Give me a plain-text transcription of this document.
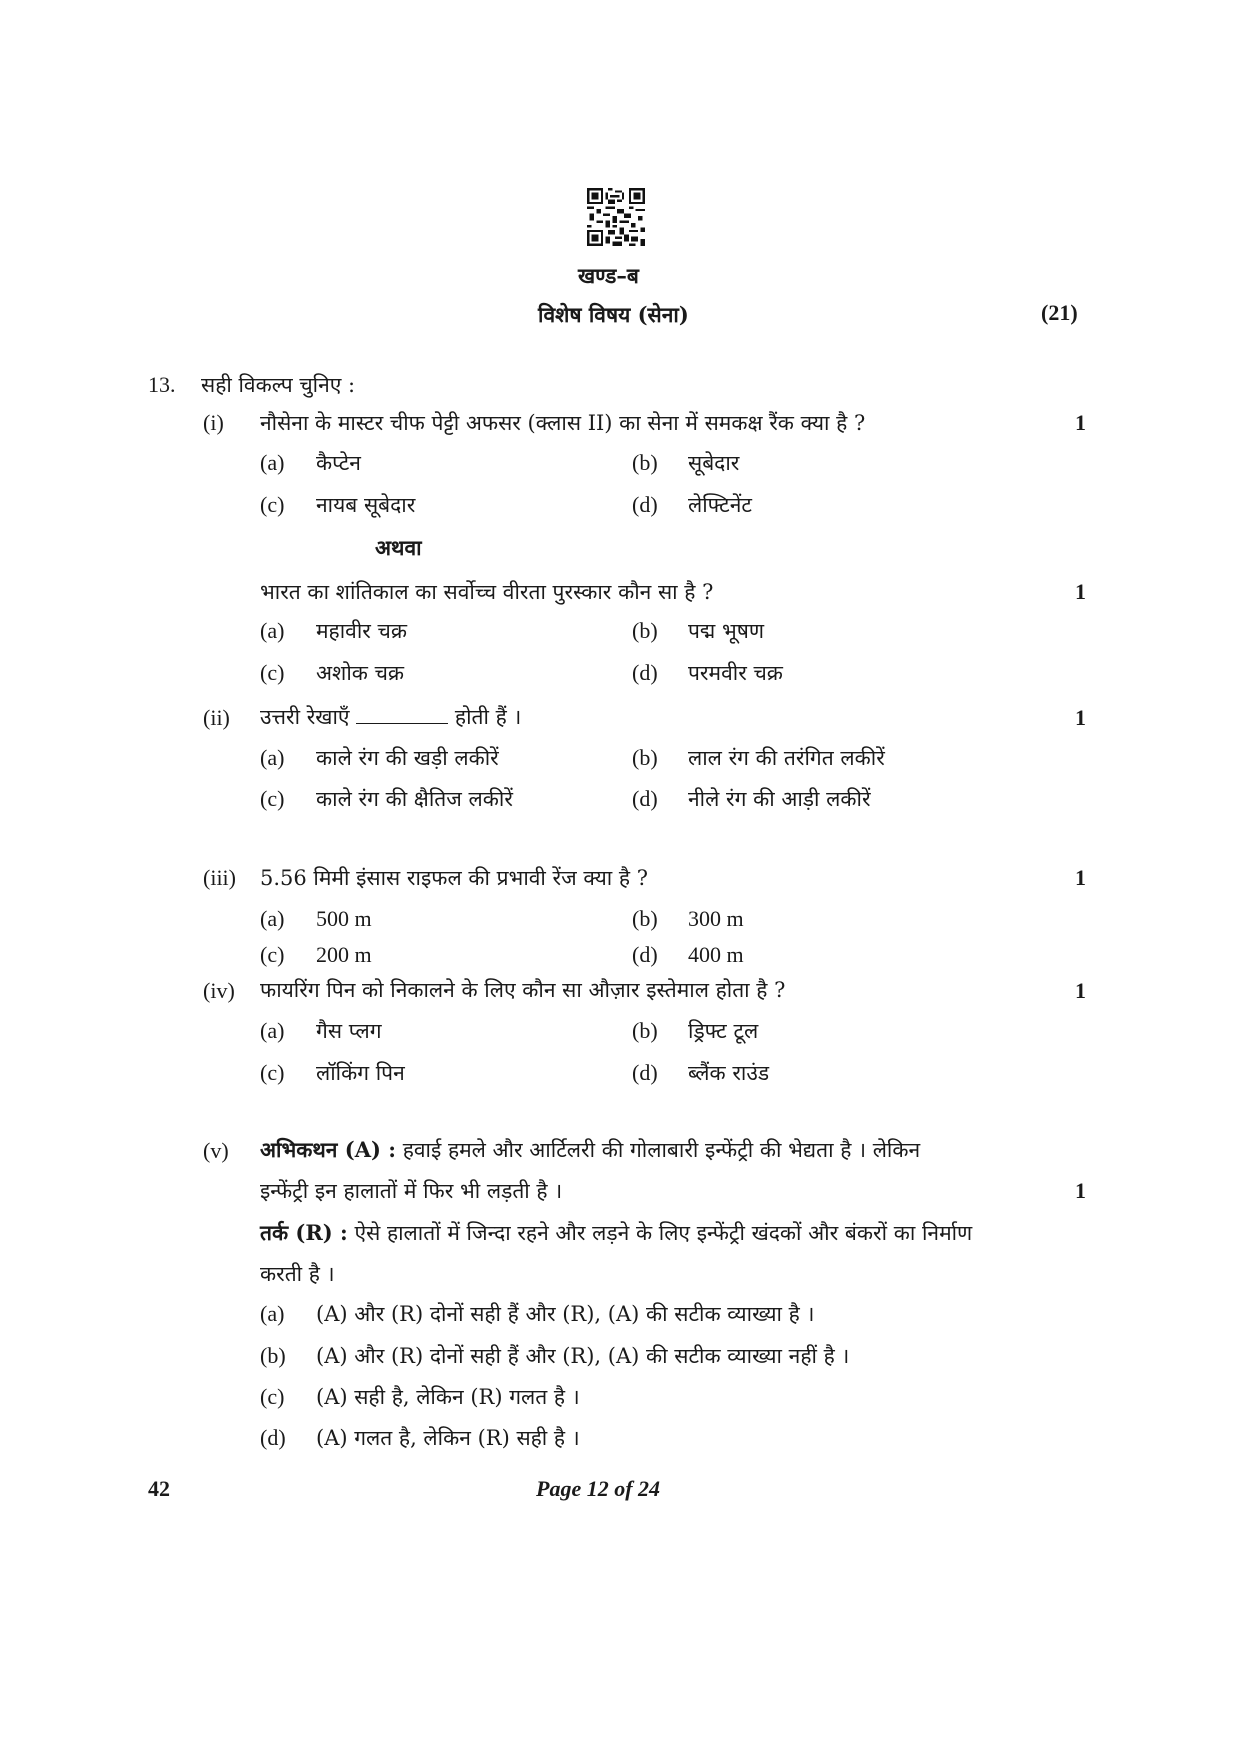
खण्ड–ब
विशेष विषय (सेना)	(21)
13. सही विकल्प चुनिए :
(i) नौसेना के मास्टर चीफ पेट्टी अफसर (क्लास II) का सेना में समकक्ष रैंक क्या है ?	1
(a) कैप्टेन	(b) सूबेदार
(c) नायब सूबेदार	(d) लेफ्टिनेंट
अथवा
भारत का शांतिकाल का सर्वोच्च वीरता पुरस्कार कौन सा है ?	1
(a) महावीर चक्र	(b) पद्म भूषण
(c) अशोक चक्र	(d) परमवीर चक्र
(ii) उत्तरी रेखाएँ	होती हैं ।	1
(a) काले रंग की खड़ी लकीरें	(b) लाल रंग की तरंगित लकीरें
(c) काले रंग की क्षैतिज लकीरें	(d) नीले रंग की आड़ी लकीरें
(iii) 5.56 मिमी इंसास राइफल की प्रभावी रेंज क्या है ?	1
(a) 500 m	(b) 300 m
(c) 200 m	(d) 400 m
(iv) फायरिंग पिन को निकालने के लिए कौन सा औज़ार इस्तेमाल होता है ?	1
(a) गैस प्लग	(b) ड्रिफ्ट टूल
(c) लॉकिंग पिन	(d) ब्लैंक राउंड
(v) अभिकथन (A) : हवाई हमले और आर्टिलरी की गोलाबारी इन्फेंट्री की भेद्यता है । लेकिन
इन्फेंट्री इन हालातों में फिर भी लड़ती है ।	1
तर्क (R) : ऐसे हालातों में जिन्दा रहने और लड़ने के लिए इन्फेंट्री खंदकों और बंकरों का निर्माण
करती है ।
(a) (A) और (R) दोनों सही हैं और (R), (A) की सटीक व्याख्या है ।
(b) (A) और (R) दोनों सही हैं और (R), (A) की सटीक व्याख्या नहीं है ।
(c) (A) सही है, लेकिन (R) गलत है ।
(d) (A) गलत है, लेकिन (R) सही है ।
42	Page 12 of 24
